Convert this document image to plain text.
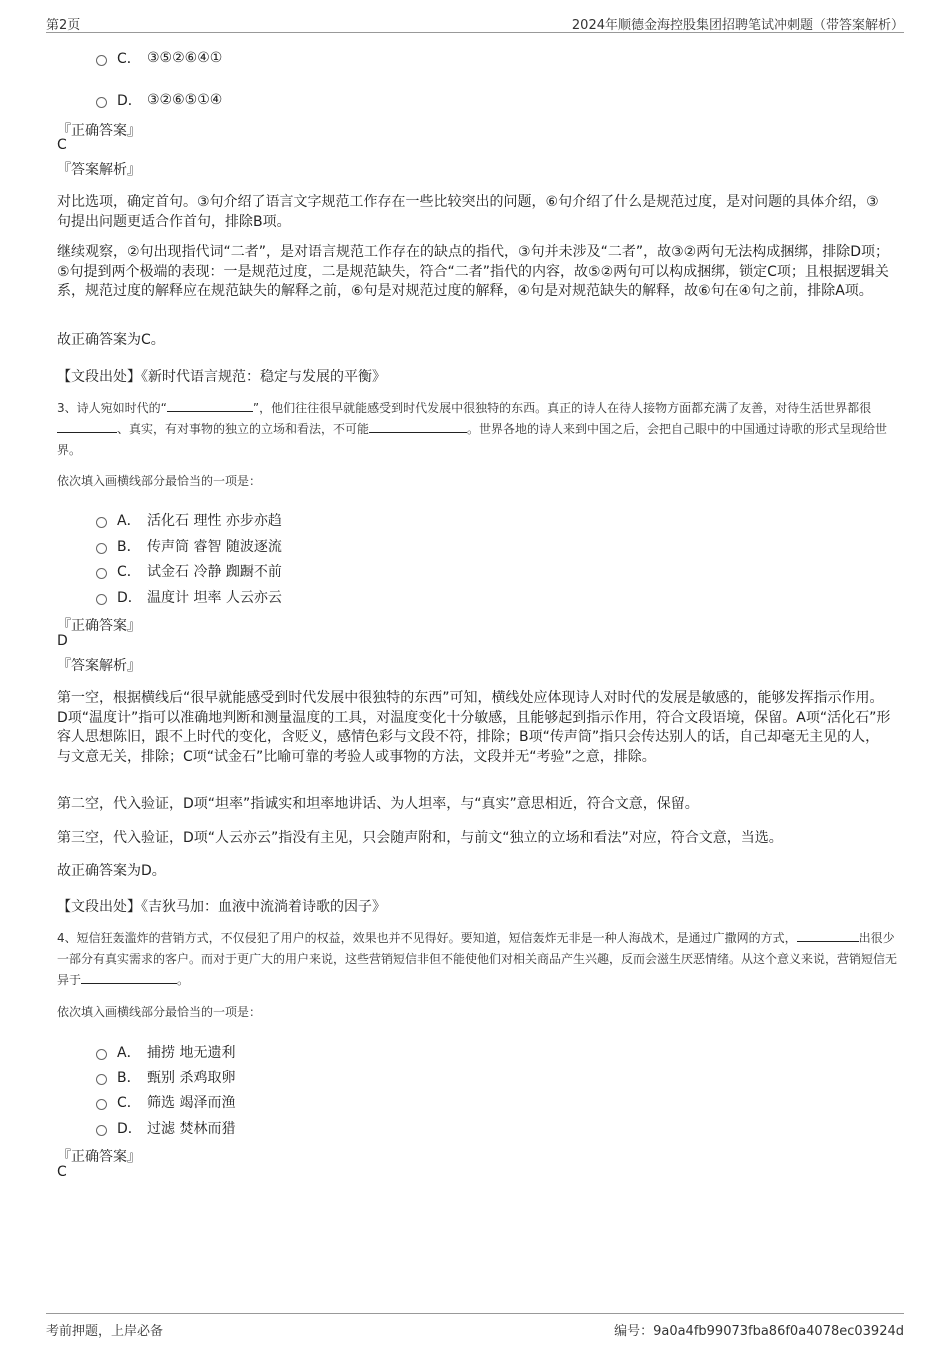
第2页	2024年顺德金海控股集团招聘笔试冲刺题（带答案解析）
C． ③⑤②⑥④①
D． ③②⑥⑤①④
『正确答案』
C
『答案解析』
对比选项，确定首句。③句介绍了语言文字规范工作存在一些比较突出的问题，⑥句介绍了什么是规范过度，是对问题的具体介绍，③句提出问题更适合作首句，排除B项。
继续观察，②句出现指代词“二者”，是对语言规范工作存在的缺点的指代，③句并未涉及“二者”，故③②两句无法构成捆绑，排除D项；⑤句提到两个极端的表现：一是规范过度，二是规范缺失，符合“二者”指代的内容，故⑤②两句可以构成捆绑，锁定C项；且根据逻辑关系，规范过度的解释应在规范缺失的解释之前，⑥句是对规范过度的解释，④句是对规范缺失的解释，故⑥句在④句之前，排除A项。
故正确答案为C。
【文段出处】《新时代语言规范：稳定与发展的平衡》
3、诗人宛如时代的“	”，他们往往很早就能感受到时代发展中很独特的东西。真正的诗人在待人接物方面都充满了友善，对待生活世界都很、真实，有对事物的独立的立场和看法，不可能	。世界各地的诗人来到中国之后，会把自己眼中的中国通过诗歌的形式呈现给世界。
依次填入画横线部分最恰当的一项是：
A． 活化石 理性 亦步亦趋
B． 传声筒 睿智 随波逐流
C． 试金石 冷静 踟蹰不前
D． 温度计 坦率 人云亦云
『正确答案』
D
『答案解析』
第一空，根据横线后“很早就能感受到时代发展中很独特的东西”可知，横线处应体现诗人对时代的发展是敏感的，能够发挥指示作用。D项“温度计”指可以准确地判断和测量温度的工具，对温度变化十分敏感，且能够起到指示作用，符合文段语境，保留。A项“活化石”形容人思想陈旧，跟不上时代的变化，含贬义，感情色彩与文段不符，排除；B项“传声筒”指只会传达别人的话，自己却毫无主见的人，与文意无关，排除；C项“试金石”比喻可靠的考验人或事物的方法，文段并无“考验”之意，排除。
第二空，代入验证，D项“坦率”指诚实和坦率地讲话、为人坦率，与“真实”意思相近，符合文意，保留。
第三空，代入验证，D项“人云亦云”指没有主见，只会随声附和，与前文“独立的立场和看法”对应，符合文意，当选。
故正确答案为D。
【文段出处】《吉狄马加：血液中流淌着诗歌的因子》
4、短信狂轰滥炸的营销方式，不仅侵犯了用户的权益，效果也并不见得好。要知道，短信轰炸无非是一种人海战术，是通过广撒网的方式，	出很少一部分有真实需求的客户。而对于更广大的用户来说，这些营销短信非但不能使他们对相关商品产生兴趣，反而会滋生厌恶情绪。从这个意义来说，营销短信无异于	。
依次填入画横线部分最恰当的一项是：
A． 捕捞 地无遗利
B． 甄别 杀鸡取卵
C． 筛选 竭泽而渔
D． 过滤 焚林而猎
『正确答案』
C
考前押题，上岸必备	编号：9a0a4fb99073fba86f0a4078ec03924d
